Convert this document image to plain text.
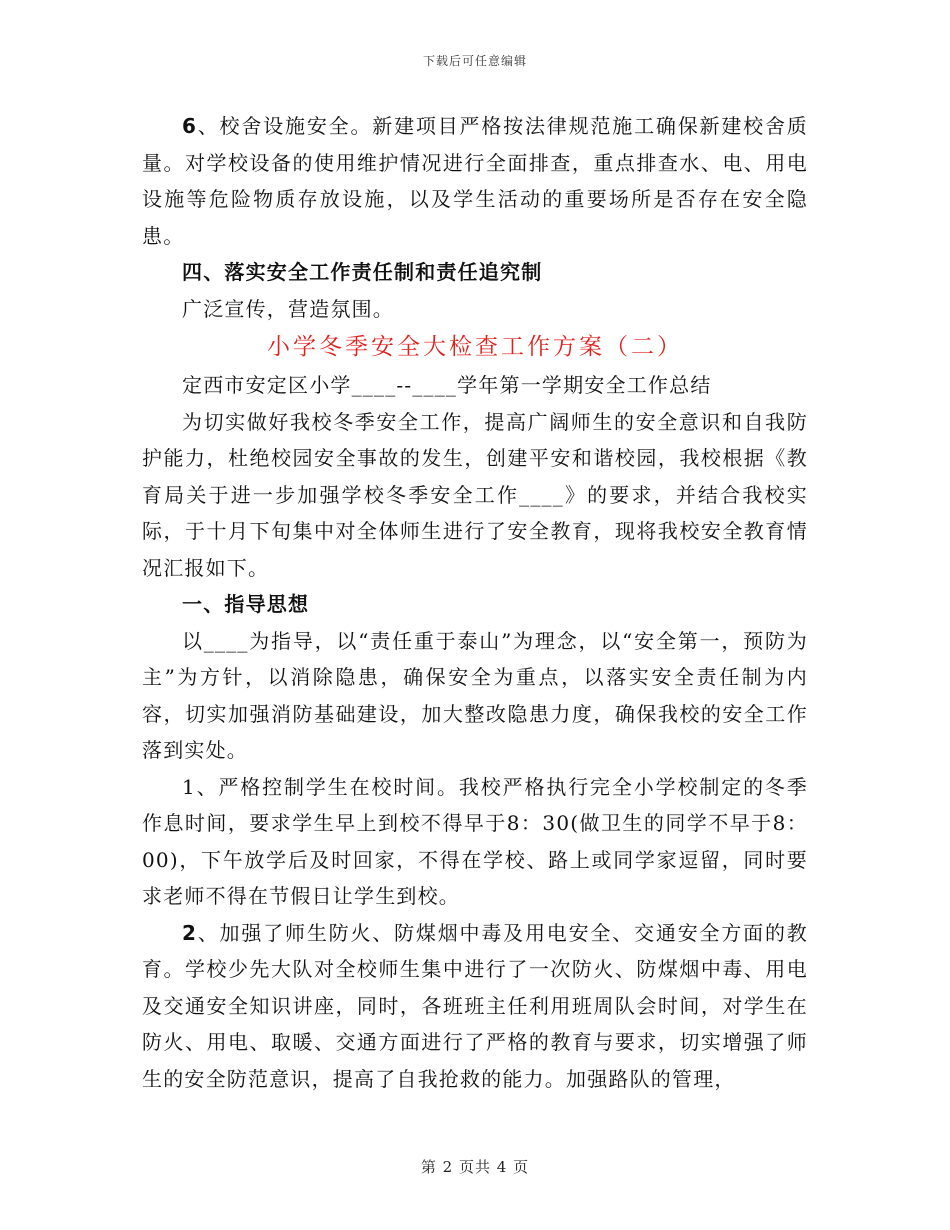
下载后可任意编辑

6、校舍设施安全。新建项目严格按法律规范施工确保新建校舍质量。对学校设备的使用维护情况进行全面排查，重点排查水、电、用电设施等危险物质存放设施，以及学生活动的重要场所是否存在安全隐患。

四、落实安全工作责任制和责任追究制

广泛宣传，营造氛围。

小学冬季安全大检查工作方案（二）

定西市安定区小学____--____学年第一学期安全工作总结

为切实做好我校冬季安全工作，提高广阔师生的安全意识和自我防护能力，杜绝校园安全事故的发生，创建平安和谐校园，我校根据《教育局关于进一步加强学校冬季安全工作____》的要求，并结合我校实际，于十月下旬集中对全体师生进行了安全教育，现将我校安全教育情况汇报如下。

一、指导思想

以____为指导，以“责任重于泰山”为理念，以“安全第一，预防为主”为方针，以消除隐患，确保安全为重点，以落实安全责任制为内容，切实加强消防基础建设，加大整改隐患力度，确保我校的安全工作落到实处。

1、严格控制学生在校时间。我校严格执行完全小学校制定的冬季作息时间，要求学生早上到校不得早于8：30(做卫生的同学不早于8：00)，下午放学后及时回家，不得在学校、路上或同学家逗留，同时要求老师不得在节假日让学生到校。

2、加强了师生防火、防煤烟中毒及用电安全、交通安全方面的教育。学校少先大队对全校师生集中进行了一次防火、防煤烟中毒、用电及交通安全知识讲座，同时，各班班主任利用班周队会时间，对学生在防火、用电、取暖、交通方面进行了严格的教育与要求，切实增强了师生的安全防范意识，提高了自我抢救的能力。加强路队的管理，

第 2 页共 4 页
